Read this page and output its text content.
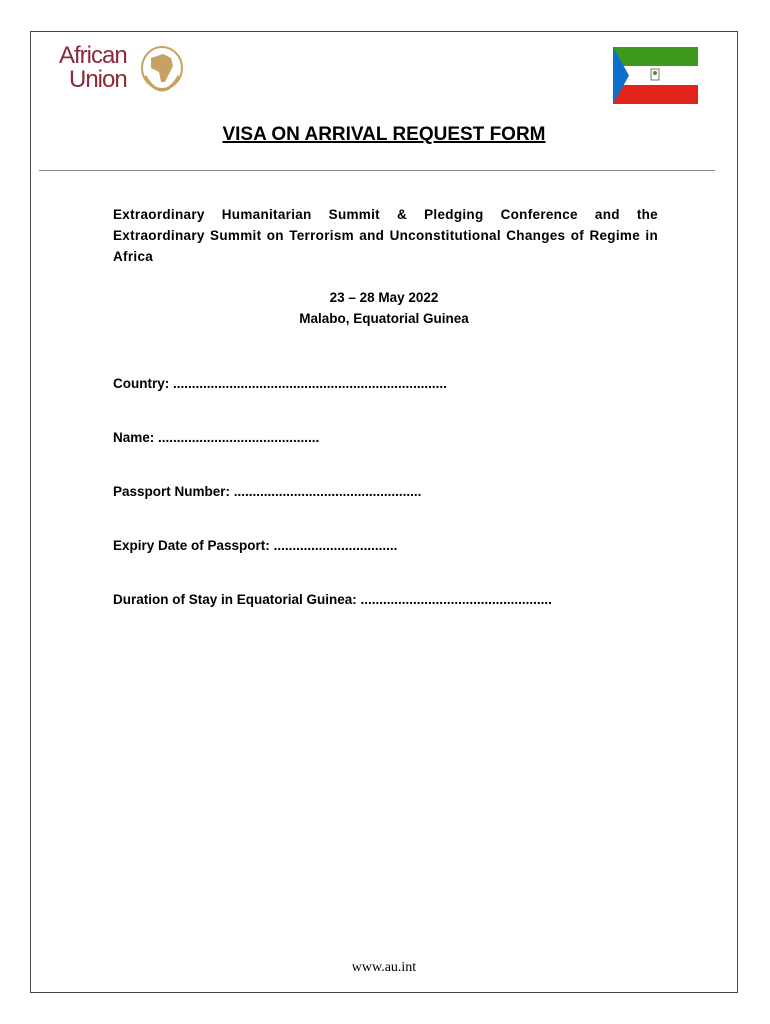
African
Union
VISA ON ARRIVAL REQUEST FORM
Extraordinary Humanitarian Summit & Pledging Conference and the Extraordinary Summit on Terrorism and Unconstitutional Changes of Regime in Africa
23 – 28 May 2022
Malabo, Equatorial Guinea
Country: .........................................................................
Name: ...........................................
Passport Number: ..................................................
Expiry Date of Passport: .................................
Duration of Stay in Equatorial Guinea: ...................................................
www.au.int
